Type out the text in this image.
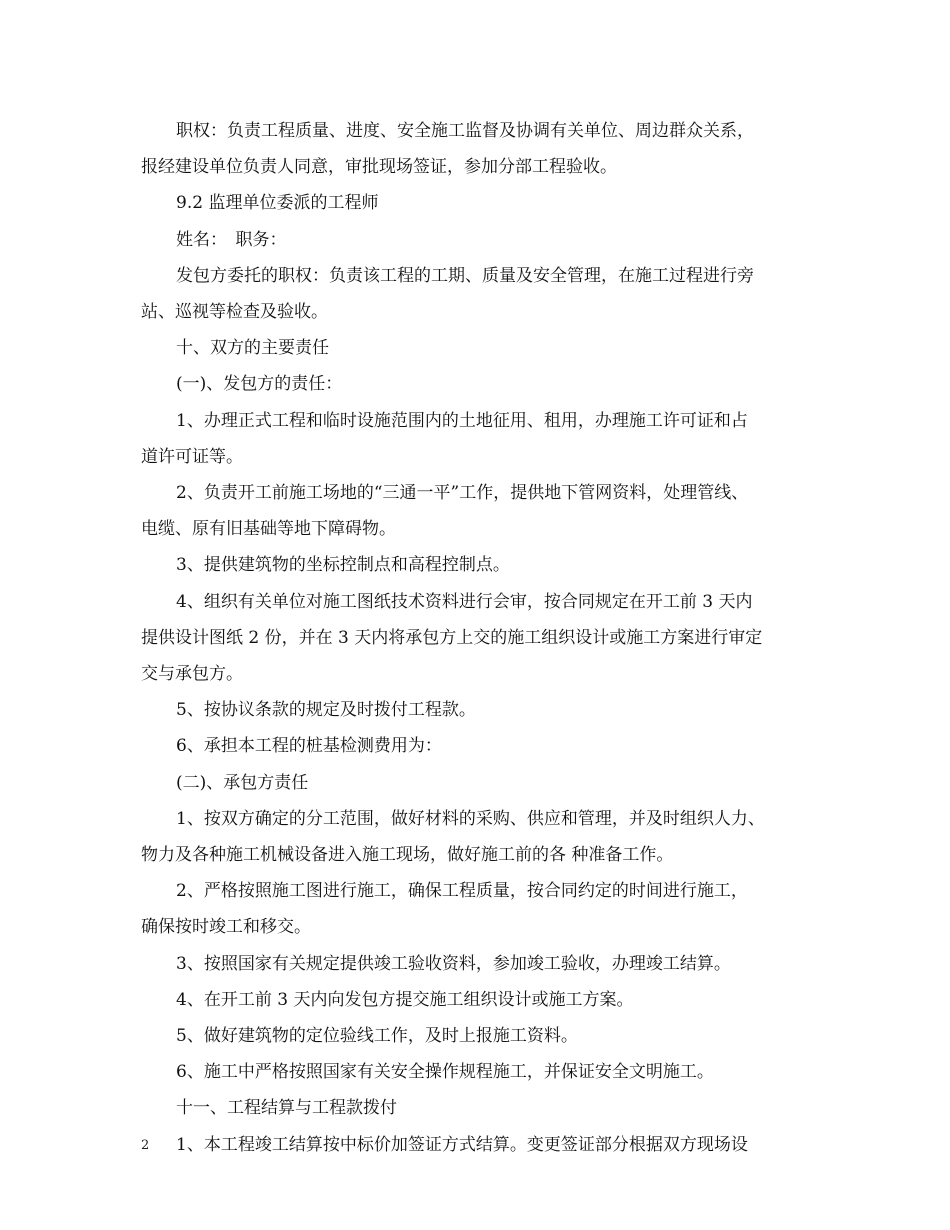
职权：负责工程质量、进度、安全施工监督及协调有关单位、周边群众关系，

报经建设单位负责人同意，审批现场签证，参加分部工程验收。

9.2 监理单位委派的工程师

姓名：　职务：

发包方委托的职权：负责该工程的工期、质量及安全管理，在施工过程进行旁

站、巡视等检查及验收。

十、双方的主要责任

(一)、发包方的责任：

1、办理正式工程和临时设施范围内的土地征用、租用，办理施工许可证和占

道许可证等。

2、负责开工前施工场地的“三通一平”工作，提供地下管网资料，处理管线、

电缆、原有旧基础等地下障碍物。

3、提供建筑物的坐标控制点和高程控制点。

4、组织有关单位对施工图纸技术资料进行会审，按合同规定在开工前 3 天内

提供设计图纸 2 份，并在 3 天内将承包方上交的施工组织设计或施工方案进行审定

交与承包方。

5、按协议条款的规定及时拨付工程款。

6、承担本工程的桩基检测费用为：

(二)、承包方责任

1、按双方确定的分工范围，做好材料的采购、供应和管理，并及时组织人力、

物力及各种施工机械设备进入施工现场，做好施工前的各 种准备工作。

2、严格按照施工图进行施工，确保工程质量，按合同约定的时间进行施工，

确保按时竣工和移交。

3、按照国家有关规定提供竣工验收资料，参加竣工验收，办理竣工结算。

4、在开工前 3 天内向发包方提交施工组织设计或施工方案。

5、做好建筑物的定位验线工作，及时上报施工资料。

6、施工中严格按照国家有关安全操作规程施工，并保证安全文明施工。

十一、工程结算与工程款拨付

1、本工程竣工结算按中标价加签证方式结算。变更签证部分根据双方现场设

2
